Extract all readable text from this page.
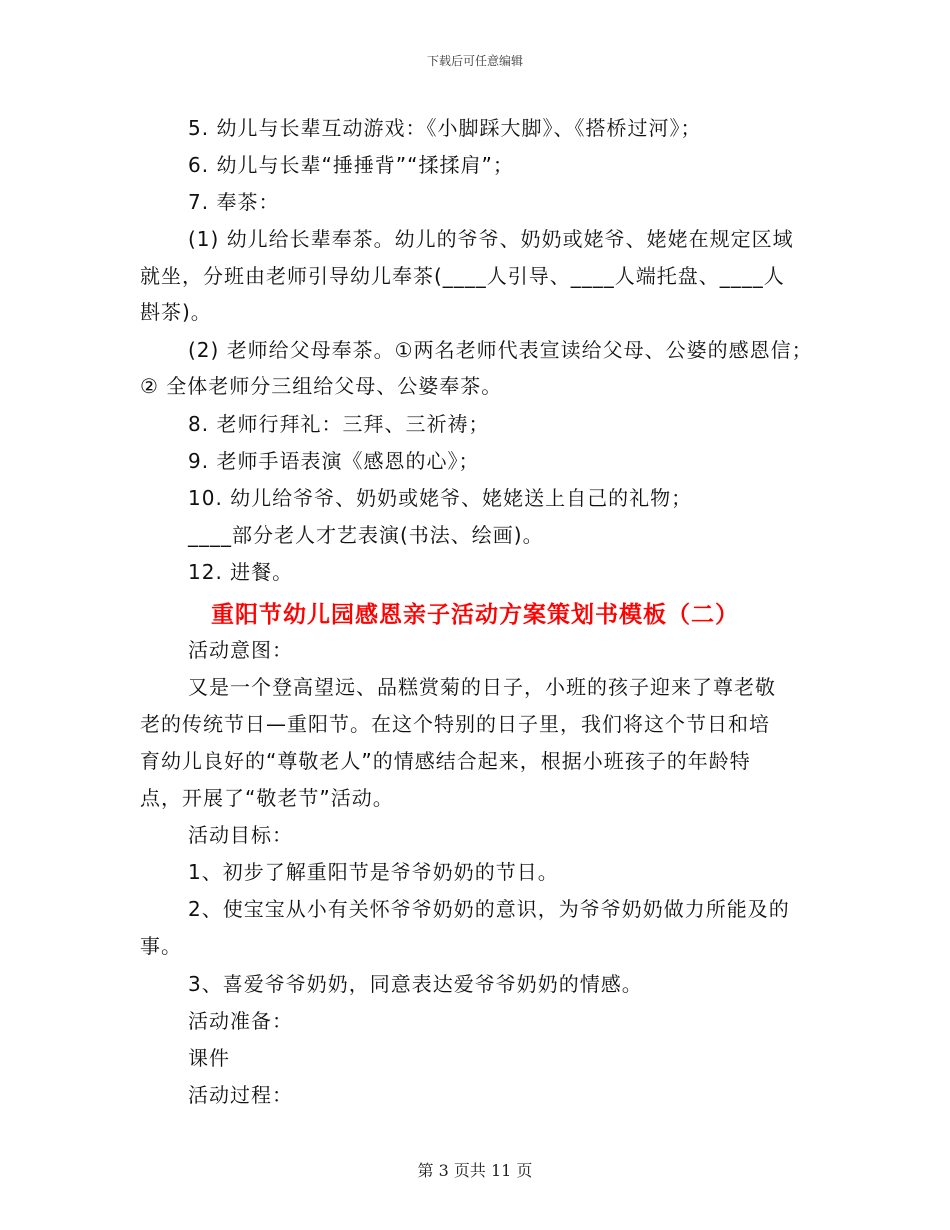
下载后可任意编辑
5. 幼儿与长辈互动游戏：《小脚踩大脚》、《搭桥过河》；
6. 幼儿与长辈“捶捶背”“揉揉肩”；
7. 奉茶：
(1) 幼儿给长辈奉茶。幼儿的爷爷、奶奶或姥爷、姥姥在规定区域
就坐，分班由老师引导幼儿奉茶(____人引导、____人端托盘、____人
斟茶)。
(2) 老师给父母奉茶。①两名老师代表宣读给父母、公婆的感恩信；
② 全体老师分三组给父母、公婆奉茶。
8. 老师行拜礼：三拜、三祈祷；
9. 老师手语表演《感恩的心》；
10. 幼儿给爷爷、奶奶或姥爷、姥姥送上自己的礼物；
____部分老人才艺表演(书法、绘画)。
12. 进餐。
重阳节幼儿园感恩亲子活动方案策划书模板（二）
活动意图：
又是一个登高望远、品糕赏菊的日子，小班的孩子迎来了尊老敬
老的传统节日—重阳节。在这个特别的日子里，我们将这个节日和培
育幼儿良好的“尊敬老人”的情感结合起来，根据小班孩子的年龄特
点，开展了“敬老节”活动。
活动目标：
1、初步了解重阳节是爷爷奶奶的节日。
2、使宝宝从小有关怀爷爷奶奶的意识，为爷爷奶奶做力所能及的
事。
3、喜爱爷爷奶奶，同意表达爱爷爷奶奶的情感。
活动准备：
课件
活动过程：
第 3 页共 11 页
